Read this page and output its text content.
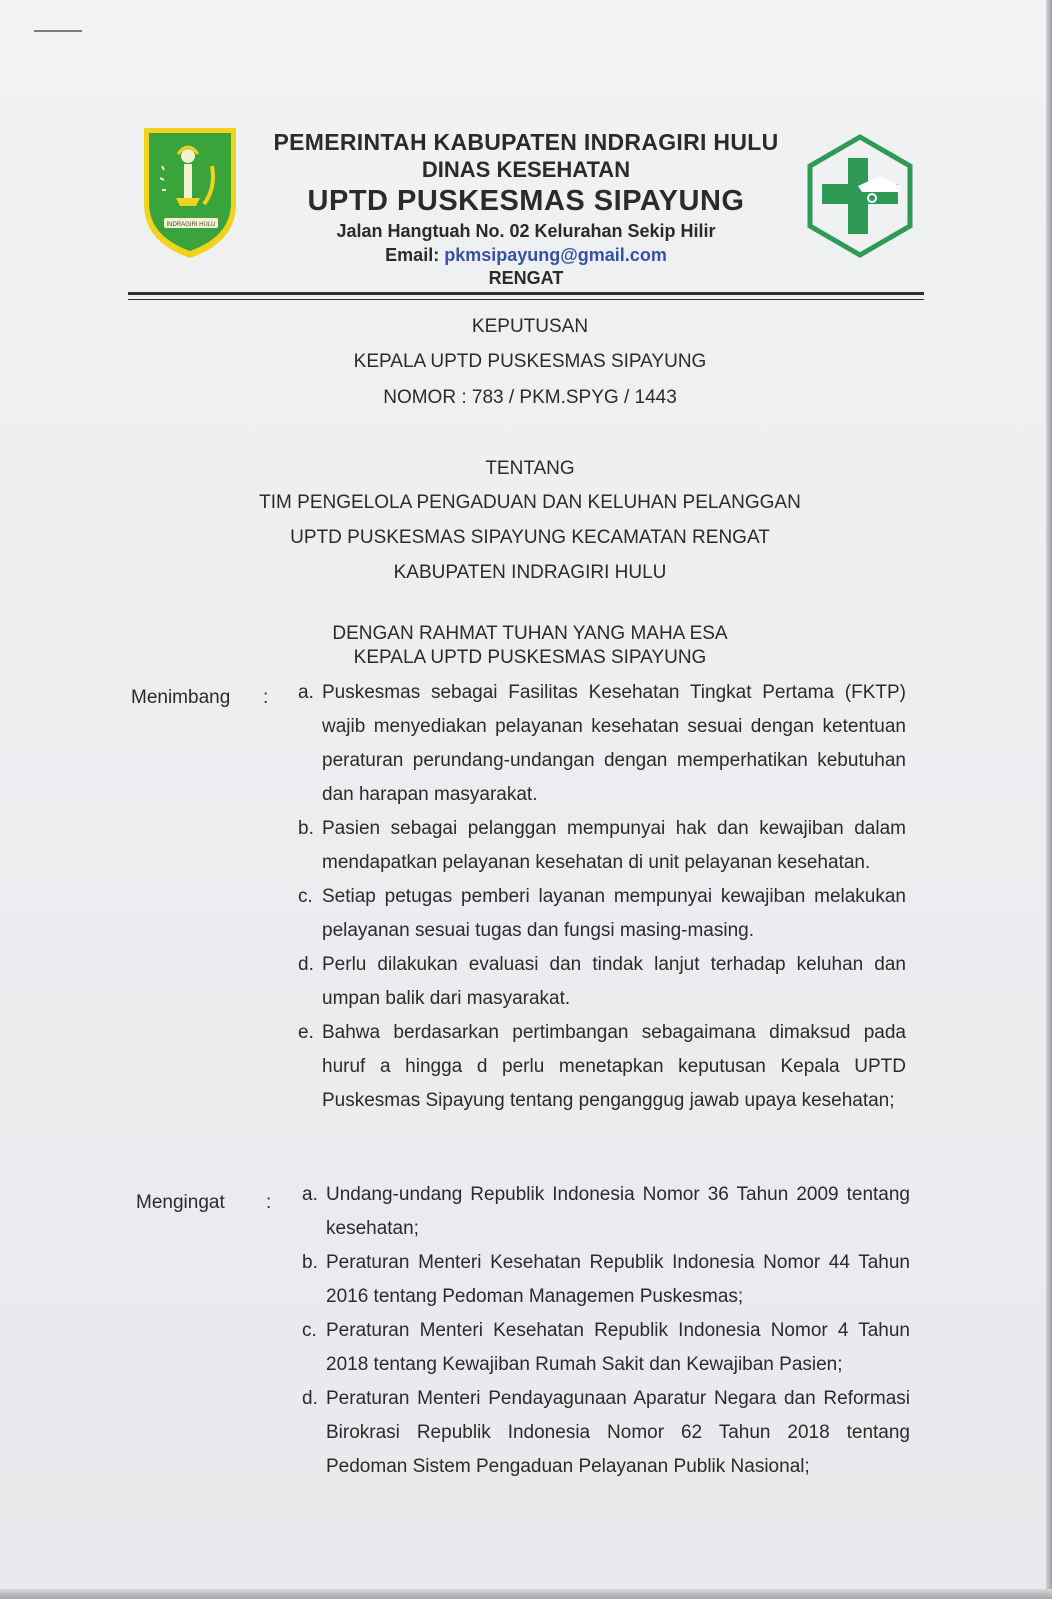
INDRAGIRI HULU
PEMERINTAH KABUPATEN INDRAGIRI HULU
DINAS KESEHATAN
UPTD PUSKESMAS SIPAYUNG
Jalan Hangtuah No. 02 Kelurahan Sekip Hilir
Email: pkmsipayung@gmail.com
RENGAT
KEPUTUSAN
KEPALA UPTD PUSKESMAS SIPAYUNG
NOMOR : 783 / PKM.SPYG / 1443
TENTANG
TIM PENGELOLA PENGADUAN DAN KELUHAN PELANGGAN
UPTD PUSKESMAS SIPAYUNG KECAMATAN RENGAT
KABUPATEN INDRAGIRI HULU
DENGAN RAHMAT TUHAN YANG MAHA ESA
KEPALA UPTD PUSKESMAS SIPAYUNG
Menimbang : a. Puskesmas sebagai Fasilitas Kesehatan Tingkat Pertama (FKTP) wajib menyediakan pelayanan kesehatan sesuai dengan ketentuan peraturan perundang-undangan dengan memperhatikan kebutuhan dan harapan masyarakat.
b. Pasien sebagai pelanggan mempunyai hak dan kewajiban dalam mendapatkan pelayanan kesehatan di unit pelayanan kesehatan.
c. Setiap petugas pemberi layanan mempunyai kewajiban melakukan pelayanan sesuai tugas dan fungsi masing-masing.
d. Perlu dilakukan evaluasi dan tindak lanjut terhadap keluhan dan umpan balik dari masyarakat.
e. Bahwa berdasarkan pertimbangan sebagaimana dimaksud pada huruf a hingga d perlu menetapkan keputusan Kepala UPTD Puskesmas Sipayung tentang penganggug jawab upaya kesehatan;
Mengingat : a. Undang-undang Republik Indonesia Nomor 36 Tahun 2009 tentang kesehatan;
b. Peraturan Menteri Kesehatan Republik Indonesia Nomor 44 Tahun 2016 tentang Pedoman Managemen Puskesmas;
c. Peraturan Menteri Kesehatan Republik Indonesia Nomor 4 Tahun 2018 tentang Kewajiban Rumah Sakit dan Kewajiban Pasien;
d. Peraturan Menteri Pendayagunaan Aparatur Negara dan Reformasi Birokrasi Republik Indonesia Nomor 62 Tahun 2018 tentang Pedoman Sistem Pengaduan Pelayanan Publik Nasional;
